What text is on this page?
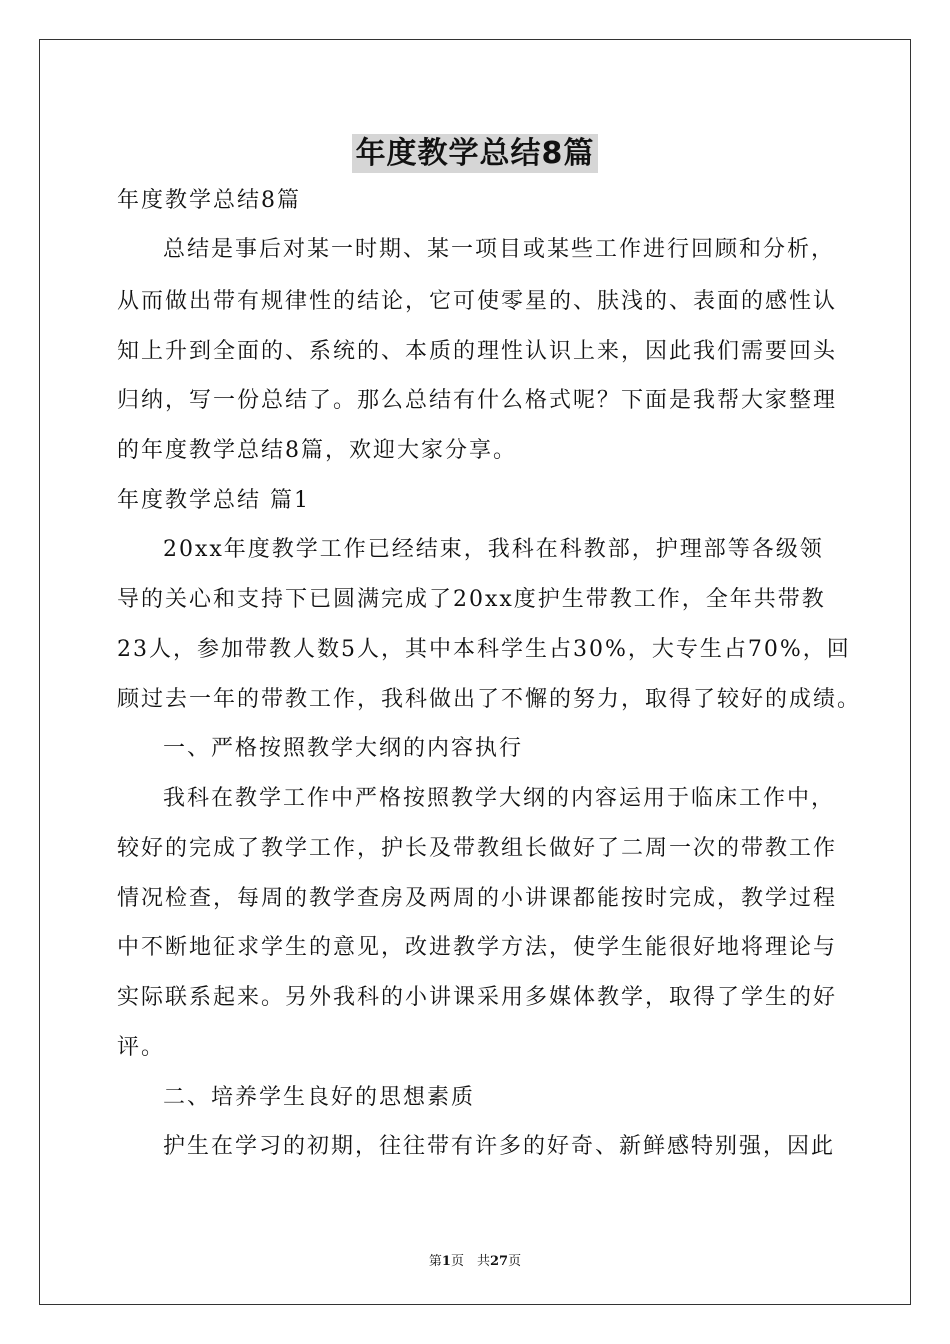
年度教学总结8篇
年度教学总结8篇
总结是事后对某一时期、某一项目或某些工作进行回顾和分析，
从而做出带有规律性的结论，它可使零星的、肤浅的、表面的感性认
知上升到全面的、系统的、本质的理性认识上来，因此我们需要回头
归纳，写一份总结了。那么总结有什么格式呢？下面是我帮大家整理
的年度教学总结8篇，欢迎大家分享。
年度教学总结 篇1
20xx年度教学工作已经结束，我科在科教部，护理部等各级领
导的关心和支持下已圆满完成了20xx度护生带教工作，全年共带教
23人，参加带教人数5人，其中本科学生占30%，大专生占70%，回
顾过去一年的带教工作，我科做出了不懈的努力，取得了较好的成绩。
一、严格按照教学大纲的内容执行
我科在教学工作中严格按照教学大纲的内容运用于临床工作中，
较好的完成了教学工作，护长及带教组长做好了二周一次的带教工作
情况检查，每周的教学查房及两周的小讲课都能按时完成，教学过程
中不断地征求学生的意见，改进教学方法，使学生能很好地将理论与
实际联系起来。另外我科的小讲课采用多媒体教学，取得了学生的好
评。
二、培养学生良好的思想素质
护生在学习的初期，往往带有许多的好奇、新鲜感特别强，因此
第1页　共27页
